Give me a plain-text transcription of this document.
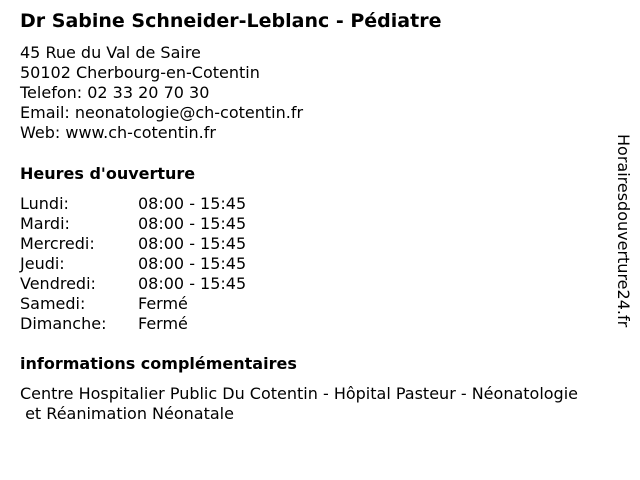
Dr Sabine Schneider-Leblanc - Pédiatre
45 Rue du Val de Saire
50102 Cherbourg-en-Cotentin
Telefon: 02 33 20 70 30
Email: neonatologie@ch-cotentin.fr
Web: www.ch-cotentin.fr
Heures d'ouverture
Lundi:	08:00 - 15:45
Mardi:	08:00 - 15:45
Mercredi:	08:00 - 15:45
Jeudi:	08:00 - 15:45
Vendredi:	08:00 - 15:45
Samedi:	Fermé
Dimanche: Fermé
informations complémentaires
Centre Hospitalier Public Du Cotentin - Hôpital Pasteur - Néonatologie
et Réanimation Néonatale
Horairesdouverture24.fr
